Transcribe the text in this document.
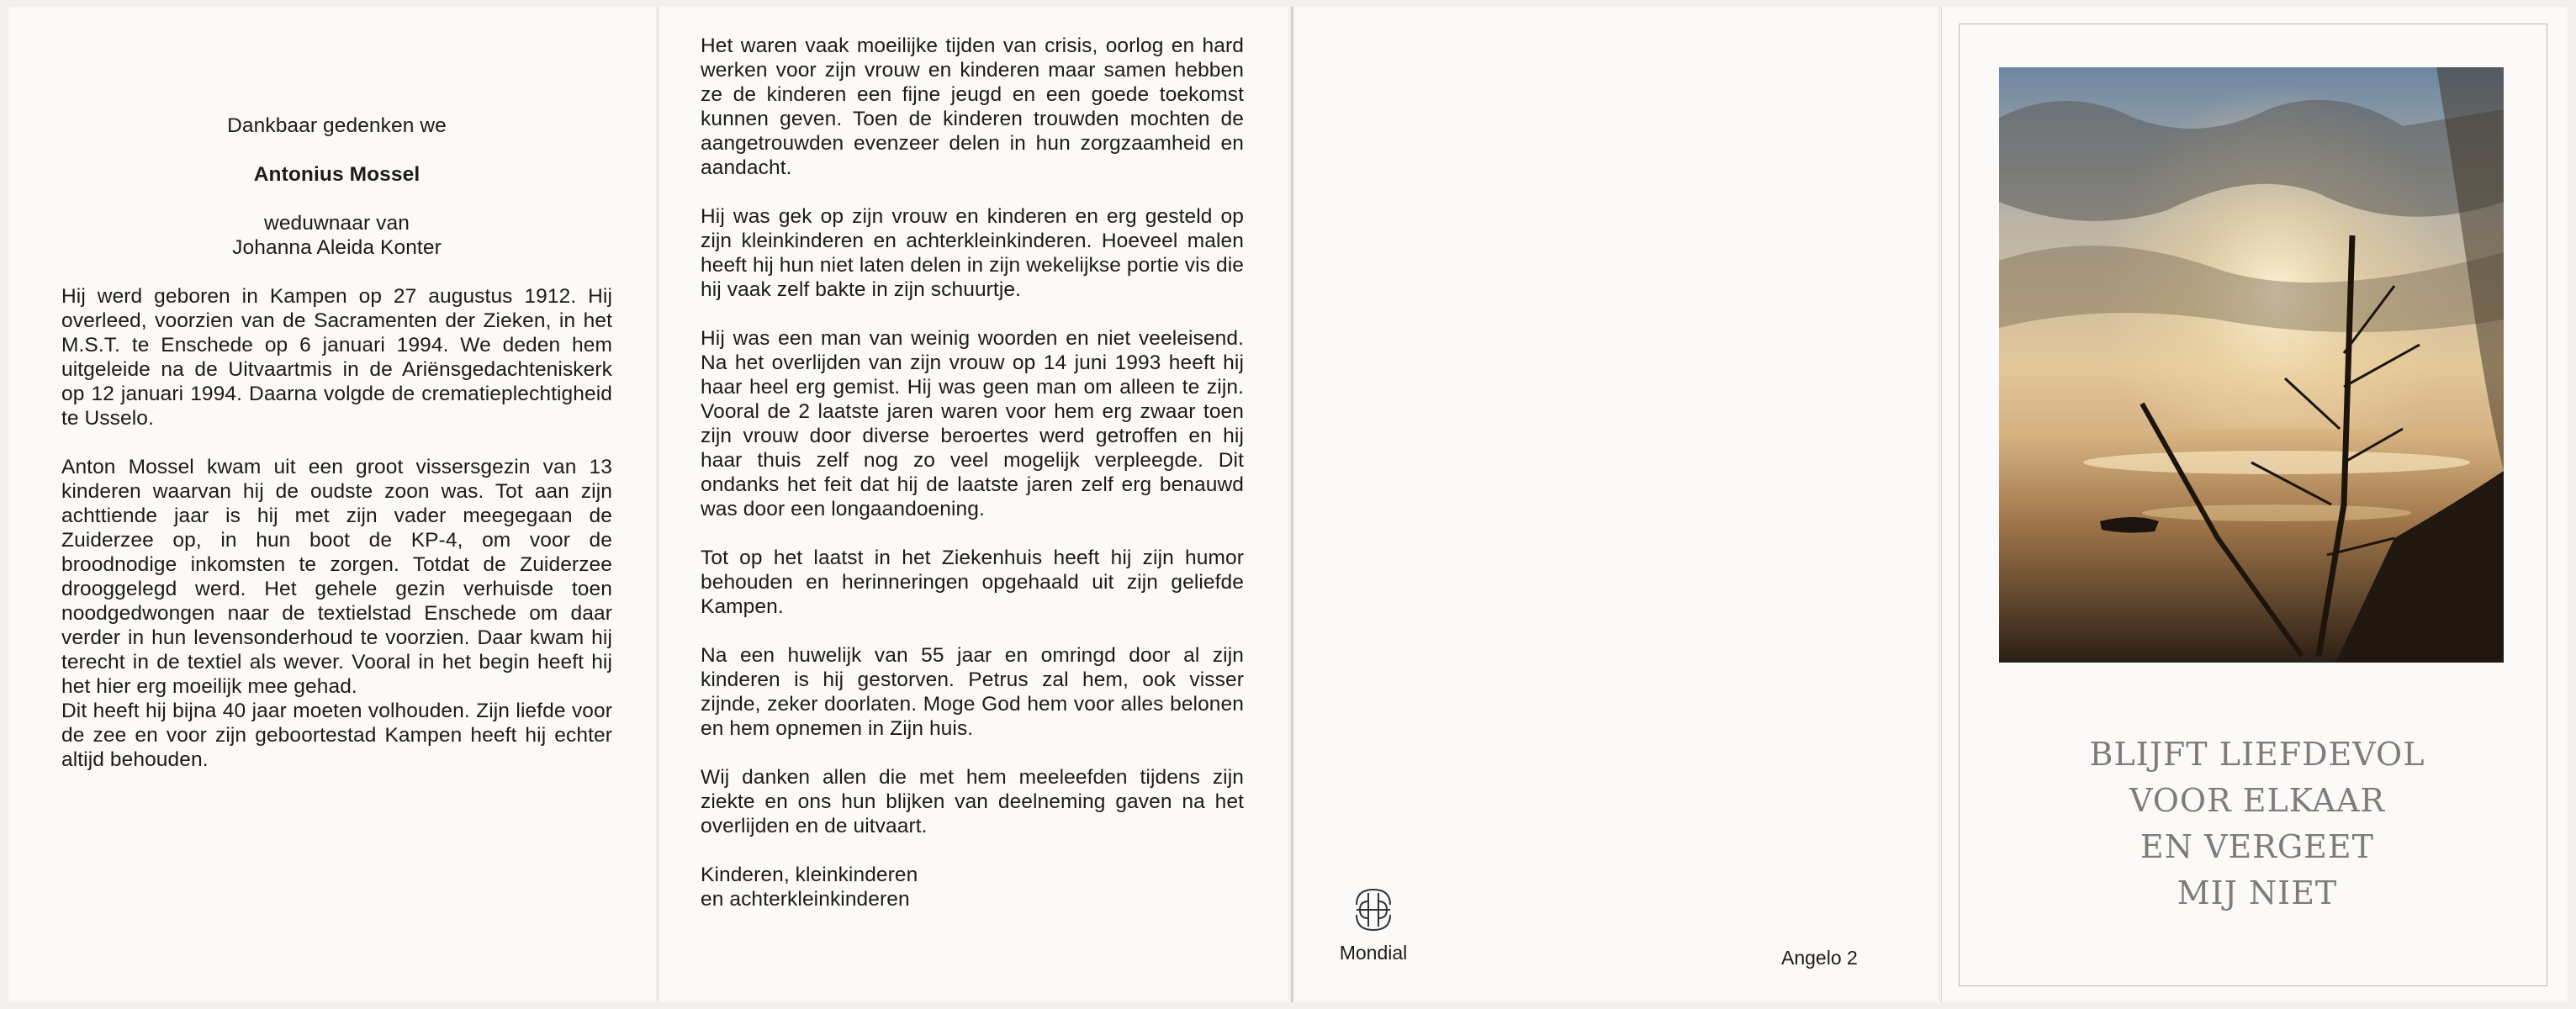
Dankbaar gedenken we

Antonius Mossel

weduwnaar van
Johanna Aleida Konter

Hij werd geboren in Kampen op 27 augustus 1912. Hij overleed, voorzien van de Sacramenten der Zieken, in het M.S.T. te Enschede op 6 januari 1994. We deden hem uitgeleide na de Uitvaartmis in de Ariënsgedachteniskerk op 12 januari 1994. Daarna volgde de crematieplechtigheid te Usselo.

Anton Mossel kwam uit een groot vissersgezin van 13 kinderen waarvan hij de oudste zoon was. Tot aan zijn achttiende jaar is hij met zijn vader meegegaan de Zuiderzee op, in hun boot de KP-4, om voor de broodnodige inkomsten te zorgen. Totdat de Zuiderzee drooggelegd werd. Het gehele gezin verhuisde toen noodgedwongen naar de textielstad Enschede om daar verder in hun levensonderhoud te voorzien. Daar kwam hij terecht in de textiel als wever. Vooral in het begin heeft hij het hier erg moeilijk mee gehad.
Dit heeft hij bijna 40 jaar moeten volhouden. Zijn liefde voor de zee en voor zijn geboortestad Kampen heeft hij echter altijd behouden.

Het waren vaak moeilijke tijden van crisis, oorlog en hard werken voor zijn vrouw en kinderen maar samen hebben ze de kinderen een fijne jeugd en een goede toekomst kunnen geven. Toen de kinderen trouwden mochten de aangetrouwden evenzeer delen in hun zorgzaamheid en aandacht.

Hij was gek op zijn vrouw en kinderen en erg gesteld op zijn kleinkinderen en achterkleinkinderen. Hoeveel malen heeft hij hun niet laten delen in zijn wekelijkse portie vis die hij vaak zelf bakte in zijn schuurtje.

Hij was een man van weinig woorden en niet veeleisend. Na het overlijden van zijn vrouw op 14 juni 1993 heeft hij haar heel erg gemist. Hij was geen man om alleen te zijn. Vooral de 2 laatste jaren waren voor hem erg zwaar toen zijn vrouw door diverse beroertes werd getroffen en hij haar thuis zelf nog zo veel mogelijk verpleegde. Dit ondanks het feit dat hij de laatste jaren zelf erg benauwd was door een longaandoening.

Tot op het laatst in het Ziekenhuis heeft hij zijn humor behouden en herinneringen opgehaald uit zijn geliefde Kampen.

Na een huwelijk van 55 jaar en omringd door al zijn kinderen is hij gestorven. Petrus zal hem, ook visser zijnde, zeker doorlaten. Moge God hem voor alles belonen en hem opnemen in Zijn huis.

Wij danken allen die met hem meeleefden tijdens zijn ziekte en ons hun blijken van deelneming gaven na het overlijden en de uitvaart.

Kinderen, kleinkinderen
en achterkleinkinderen

Mondial	Angelo 2
BLIJFT LIEFDEVOL
VOOR ELKAAR
EN VERGEET
MIJ NIET
